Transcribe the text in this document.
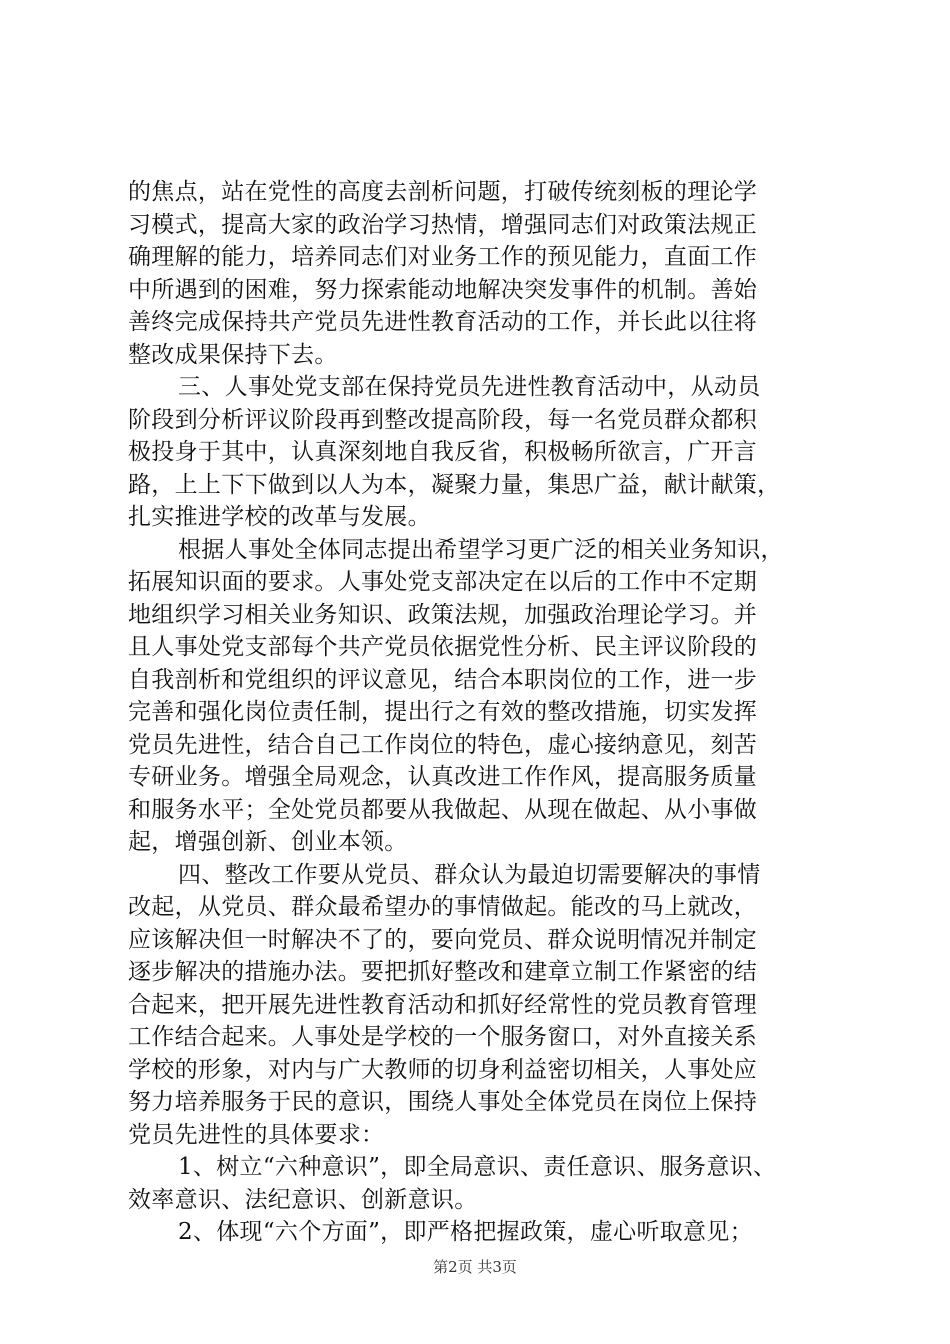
的焦点，站在党性的高度去剖析问题，打破传统刻板的理论学
习模式，提高大家的政治学习热情，增强同志们对政策法规正
确理解的能力，培养同志们对业务工作的预见能力，直面工作
中所遇到的困难，努力探索能动地解决突发事件的机制。善始
善终完成保持共产党员先进性教育活动的工作，并长此以往将
整改成果保持下去。
三、人事处党支部在保持党员先进性教育活动中，从动员
阶段到分析评议阶段再到整改提高阶段，每一名党员群众都积
极投身于其中，认真深刻地自我反省，积极畅所欲言，广开言
路，上上下下做到以人为本，凝聚力量，集思广益，献计献策，
扎实推进学校的改革与发展。
根据人事处全体同志提出希望学习更广泛的相关业务知识，
拓展知识面的要求。人事处党支部决定在以后的工作中不定期
地组织学习相关业务知识、政策法规，加强政治理论学习。并
且人事处党支部每个共产党员依据党性分析、民主评议阶段的
自我剖析和党组织的评议意见，结合本职岗位的工作，进一步
完善和强化岗位责任制，提出行之有效的整改措施，切实发挥
党员先进性，结合自己工作岗位的特色，虚心接纳意见，刻苦
专研业务。增强全局观念，认真改进工作作风，提高服务质量
和服务水平；全处党员都要从我做起、从现在做起、从小事做
起，增强创新、创业本领。
四、整改工作要从党员、群众认为最迫切需要解决的事情
改起，从党员、群众最希望办的事情做起。能改的马上就改，
应该解决但一时解决不了的，要向党员、群众说明情况并制定
逐步解决的措施办法。要把抓好整改和建章立制工作紧密的结
合起来，把开展先进性教育活动和抓好经常性的党员教育管理
工作结合起来。人事处是学校的一个服务窗口，对外直接关系
学校的形象，对内与广大教师的切身利益密切相关，人事处应
努力培养服务于民的意识，围绕人事处全体党员在岗位上保持
党员先进性的具体要求：
1、树立“六种意识”，即全局意识、责任意识、服务意识、
效率意识、法纪意识、创新意识。
2、体现“六个方面”，即严格把握政策，虚心听取意见；
第2页 共3页
